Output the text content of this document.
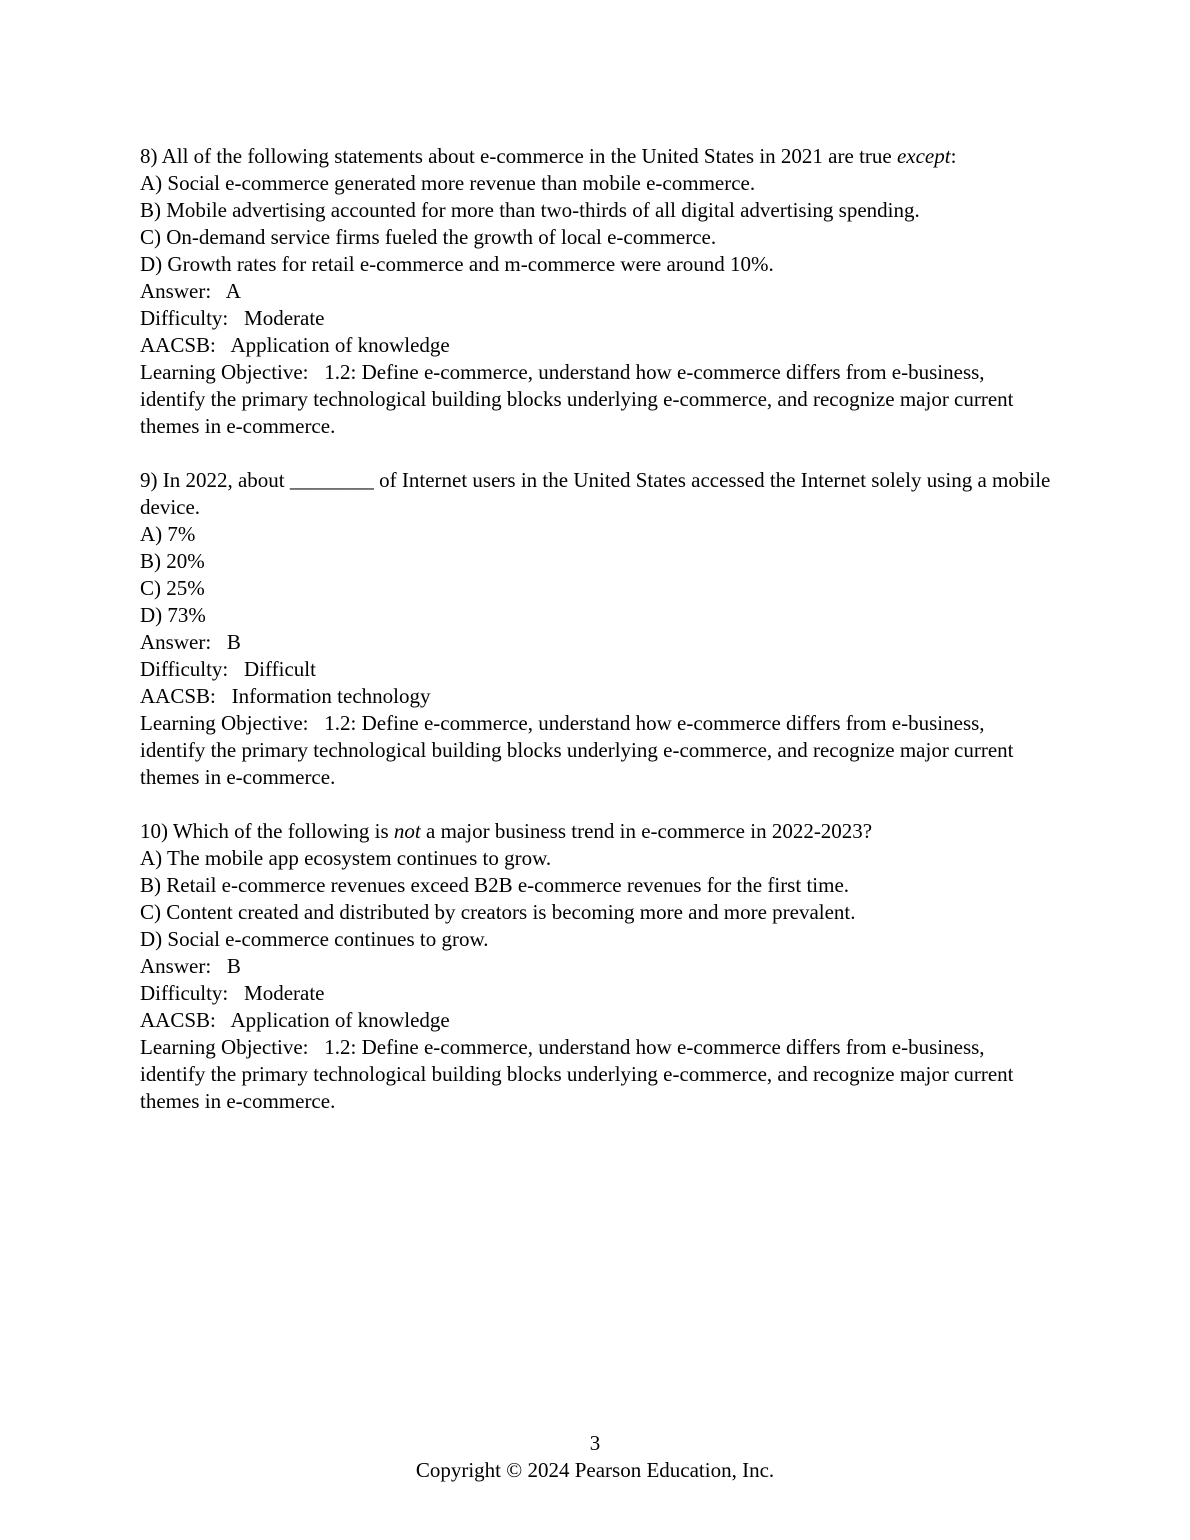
8) All of the following statements about e-commerce in the United States in 2021 are true except:

A) Social e-commerce generated more revenue than mobile e-commerce.

B) Mobile advertising accounted for more than two-thirds of all digital advertising spending.

C) On-demand service firms fueled the growth of local e-commerce.

D) Growth rates for retail e-commerce and m-commerce were around 10%.

Answer:   A

Difficulty:   Moderate

AACSB:   Application of knowledge

Learning Objective:   1.2: Define e-commerce, understand how e-commerce differs from e-business, identify the primary technological building blocks underlying e-commerce, and recognize major current themes in e-commerce.

9) In 2022, about ________ of Internet users in the United States accessed the Internet solely using a mobile device.

A) 7%

B) 20%

C) 25%

D) 73%

Answer:   B

Difficulty:   Difficult

AACSB:   Information technology

Learning Objective:   1.2: Define e-commerce, understand how e-commerce differs from e-business, identify the primary technological building blocks underlying e-commerce, and recognize major current themes in e-commerce.

10) Which of the following is not a major business trend in e-commerce in 2022-2023?

A) The mobile app ecosystem continues to grow.

B) Retail e-commerce revenues exceed B2B e-commerce revenues for the first time.

C) Content created and distributed by creators is becoming more and more prevalent.

D) Social e-commerce continues to grow.

Answer:   B

Difficulty:   Moderate

AACSB:   Application of knowledge

Learning Objective:   1.2: Define e-commerce, understand how e-commerce differs from e-business, identify the primary technological building blocks underlying e-commerce, and recognize major current themes in e-commerce.

3

Copyright © 2024 Pearson Education, Inc.
